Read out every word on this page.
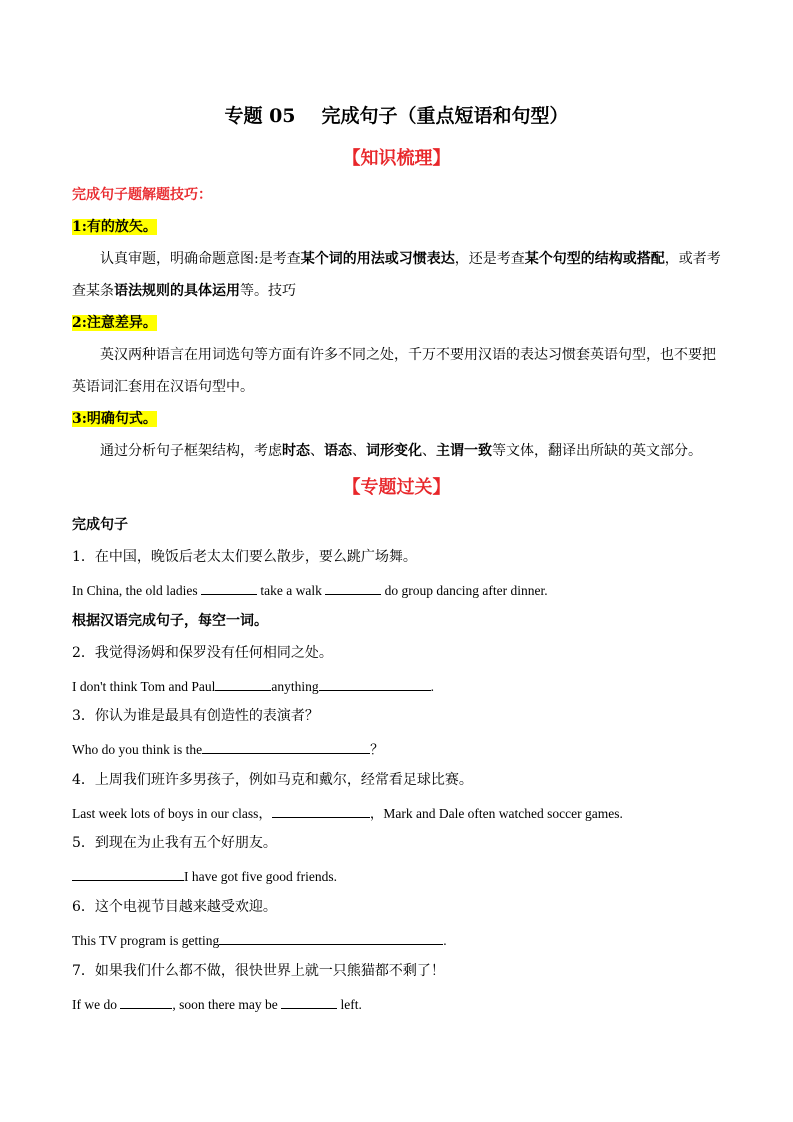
专题 05 完成句子（重点短语和句型）
【知识梳理】
完成句子题解题技巧：
1:有的放矢。
认真审题，明确命题意图:是考查某个词的用法或习惯表达，还是考查某个句型的结构或搭配，或者考
查某条语法规则的具体运用等。技巧
2:注意差异。
英汉两种语言在用词选句等方面有许多不同之处，千万不要用汉语的表达习惯套英语句型，也不要把
英语词汇套用在汉语句型中。
3:明确句式。
通过分析句子框架结构，考虑时态、语态、词形变化、主谓一致等文体，翻译出所缺的英文部分。
【专题过关】
完成句子
1．在中国，晚饭后老太太们要么散步，要么跳广场舞。
In China, the old ladies	take a walk	do group dancing after dinner.
根据汉语完成句子，每空一词。
2．我觉得汤姆和保罗没有任何相同之处。
I don't think Tom and Paul	anything	.
3．你认为谁是最具有创造性的表演者？
Who do you think is the	？
4．上周我们班许多男孩子，例如马克和戴尔，经常看足球比赛。
Last week lots of boys in our class，	，Mark and Dale often watched soccer games.
5．到现在为止我有五个好朋友。
I have got five good friends.
6．这个电视节目越来越受欢迎。
This TV program is getting	.
7．如果我们什么都不做，很快世界上就一只熊猫都不剩了！
If we do	, soon there may be	left.
